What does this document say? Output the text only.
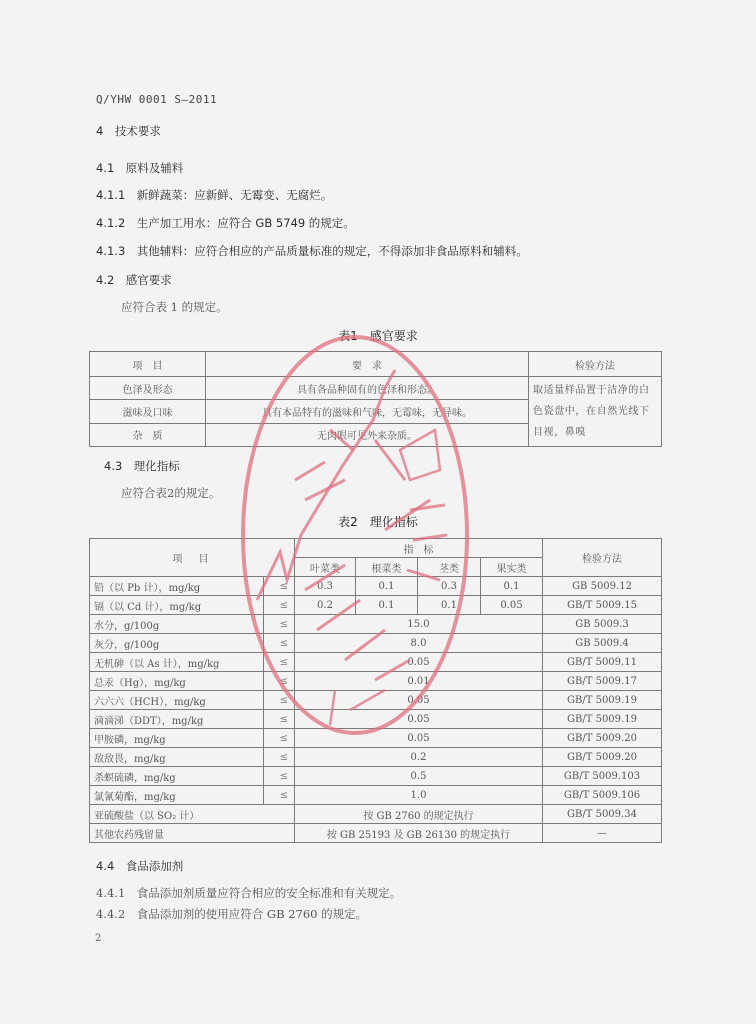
Q/YHW 0001 S—2011
4　技术要求
4.1　原料及辅料
4.1.1　新鲜蔬菜：应新鲜、无霉变、无腐烂。
4.1.2　生产加工用水：应符合 GB 5749 的规定。
4.1.3　其他辅料：应符合相应的产品质量标准的规定，不得添加非食品原料和辅料。
4.2　感官要求
应符合表 1 的规定。
表1　感官要求
项　目	要　求	检验方法
色泽及形态	具有各品种固有的色泽和形态。	取适量样品置于洁净的白色瓷盘中，在自然光线下目视，鼻嗅
滋味及口味	具有本品特有的滋味和气味，无霉味，无异味。	
杂　质	无肉眼可见外来杂质。	
4.3　理化指标
应符合表2的规定。
表2　理化指标
项　目		指　标				检验方法
		叶菜类	根菜类	茎类	果实类	
铅（以 Pb 计），mg/kg	≤	0.3	0.1	0.3	0.1	GB 5009.12
镉（以 Cd 计），mg/kg	≤	0.2	0.1	0.1	0.05	GB/T 5009.15
水分，g/100g	≤	15.0				GB 5009.3
灰分，g/100g	≤	8.0				GB 5009.4
无机砷（以 As 计），mg/kg	≤	0.05				GB/T 5009.11
总汞（Hg），mg/kg	≤	0.01				GB/T 5009.17
六六六（HCH），mg/kg	≤	0.05				GB/T 5009.19
滴滴涕（DDT），mg/kg	≤	0.05				GB/T 5009.19
甲胺磷，mg/kg	≤	0.05				GB/T 5009.20
敌敌畏，mg/kg	≤	0.2				GB/T 5009.20
杀螟硫磷，mg/kg	≤	0.5				GB/T 5009.103
氯氰菊酯，mg/kg	≤	1.0				GB/T 5009.106
亚硫酸盐（以 SO₂ 计）		按 GB 2760 的规定执行				GB/T 5009.34
其他农药残留量		按 GB 25193 及 GB 26130 的规定执行				—
4.4　食品添加剂
4.4.1　食品添加剂质量应符合相应的安全标准和有关规定。
4.4.2　食品添加剂的使用应符合 GB 2760 的规定。
2
